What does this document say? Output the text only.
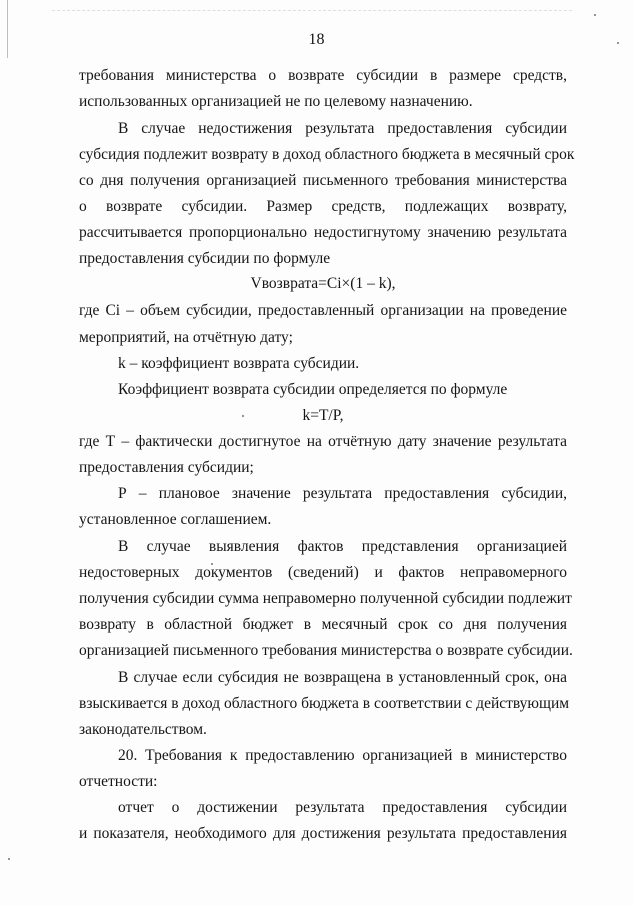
18
требования министерства о возврате субсидии в размере средств,
использованных организацией не по целевому назначению.
В случае недостижения результата предоставления субсидии
субсидия подлежит возврату в доход областного бюджета в месячный срок
со дня получения организацией письменного требования министерства
о возврате субсидии. Размер средств, подлежащих возврату,
рассчитывается пропорционально недостигнутому значению результата
предоставления субсидии по формуле
Vвозврата=Ci×(1 – k),
где Ci – объем субсидии, предоставленный организации на проведение
мероприятий, на отчётную дату;
k – коэффициент возврата субсидии.
Коэффициент возврата субсидии определяется по формуле
k=T/P,
где Т – фактически достигнутое на отчётную дату значение результата
предоставления субсидии;
Р – плановое значение результата предоставления субсидии,
установленное соглашением.
В случае выявления фактов представления организацией
недостоверных документов (сведений) и фактов неправомерного
получения субсидии сумма неправомерно полученной субсидии подлежит
возврату в областной бюджет в месячный срок со дня получения
организацией письменного требования министерства о возврате субсидии.
В случае если субсидия не возвращена в установленный срок, она
взыскивается в доход областного бюджета в соответствии с действующим
законодательством.
20. Требования к предоставлению организацией в министерство
отчетности:
отчет о достижении результата предоставления субсидии
и показателя, необходимого для достижения результата предоставления
